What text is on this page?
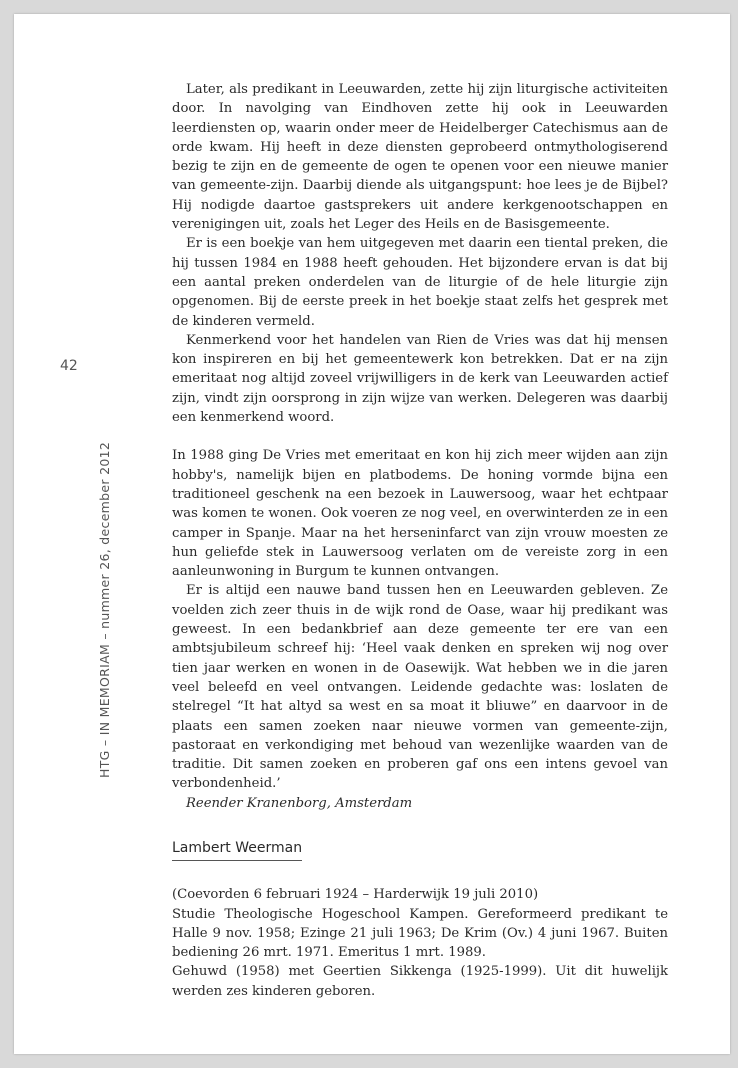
42
HTG – IN MEMORIAM – nummer 26, december 2012

Later, als predikant in Leeuwarden, zette hij zijn liturgische activiteiten door. In navolging van Eindhoven zette hij ook in Leeuwarden leerdiensten op, waarin onder meer de Heidelberger Catechismus aan de orde kwam. Hij heeft in deze diensten geprobeerd ontmythologiserend bezig te zijn en de gemeente de ogen te openen voor een nieuwe manier van gemeente-zijn. Daarbij diende als uitgangspunt: hoe lees je de Bijbel? Hij nodigde daartoe gastsprekers uit andere kerkgenootschappen en verenigingen uit, zoals het Leger des Heils en de Basisgemeente.

Er is een boekje van hem uitgegeven met daarin een tiental preken, die hij tussen 1984 en 1988 heeft gehouden. Het bijzondere ervan is dat bij een aantal preken onderdelen van de liturgie of de hele liturgie zijn opgenomen. Bij de eerste preek in het boekje staat zelfs het gesprek met de kinderen vermeld.

Kenmerkend voor het handelen van Rien de Vries was dat hij mensen kon inspireren en bij het gemeentewerk kon betrekken. Dat er na zijn emeritaat nog altijd zoveel vrijwilligers in de kerk van Leeuwarden actief zijn, vindt zijn oorsprong in zijn wijze van werken. Delegeren was daarbij een kenmerkend woord.

In 1988 ging De Vries met emeritaat en kon hij zich meer wijden aan zijn hobby's, namelijk bijen en platbodems. De honing vormde bijna een traditioneel geschenk na een bezoek in Lauwersoog, waar het echtpaar was komen te wonen. Ook voeren ze nog veel, en overwinterden ze in een camper in Spanje. Maar na het herseninfarct van zijn vrouw moesten ze hun geliefde stek in Lauwersoog verlaten om de vereiste zorg in een aanleunwoning in Burgum te kunnen ontvangen.

Er is altijd een nauwe band tussen hen en Leeuwarden gebleven. Ze voelden zich zeer thuis in de wijk rond de Oase, waar hij predikant was geweest. In een bedankbrief aan deze gemeente ter ere van een ambtsjubileum schreef hij: ‘Heel vaak denken en spreken wij nog over tien jaar werken en wonen in de Oasewijk. Wat hebben we in die jaren veel beleefd en veel ontvangen. Leidende gedachte was: loslaten de stelregel “It hat altyd sa west en sa moat it bliuwe” en daarvoor in de plaats een samen zoeken naar nieuwe vormen van gemeente-zijn, pastoraat en verkondiging met behoud van wezenlijke waarden van de traditie. Dit samen zoeken en proberen gaf ons een intens gevoel van verbondenheid.’

Reender Kranenborg, Amsterdam

Lambert Weerman

(Coevorden 6 februari 1924 – Harderwijk 19 juli 2010)

Studie Theologische Hogeschool Kampen. Gereformeerd predikant te Halle 9 nov. 1958; Ezinge 21 juli 1963; De Krim (Ov.) 4 juni 1967. Buiten bediening 26 mrt. 1971. Emeritus 1 mrt. 1989.

Gehuwd (1958) met Geertien Sikkenga (1925-1999). Uit dit huwelijk werden zes kinderen geboren.
